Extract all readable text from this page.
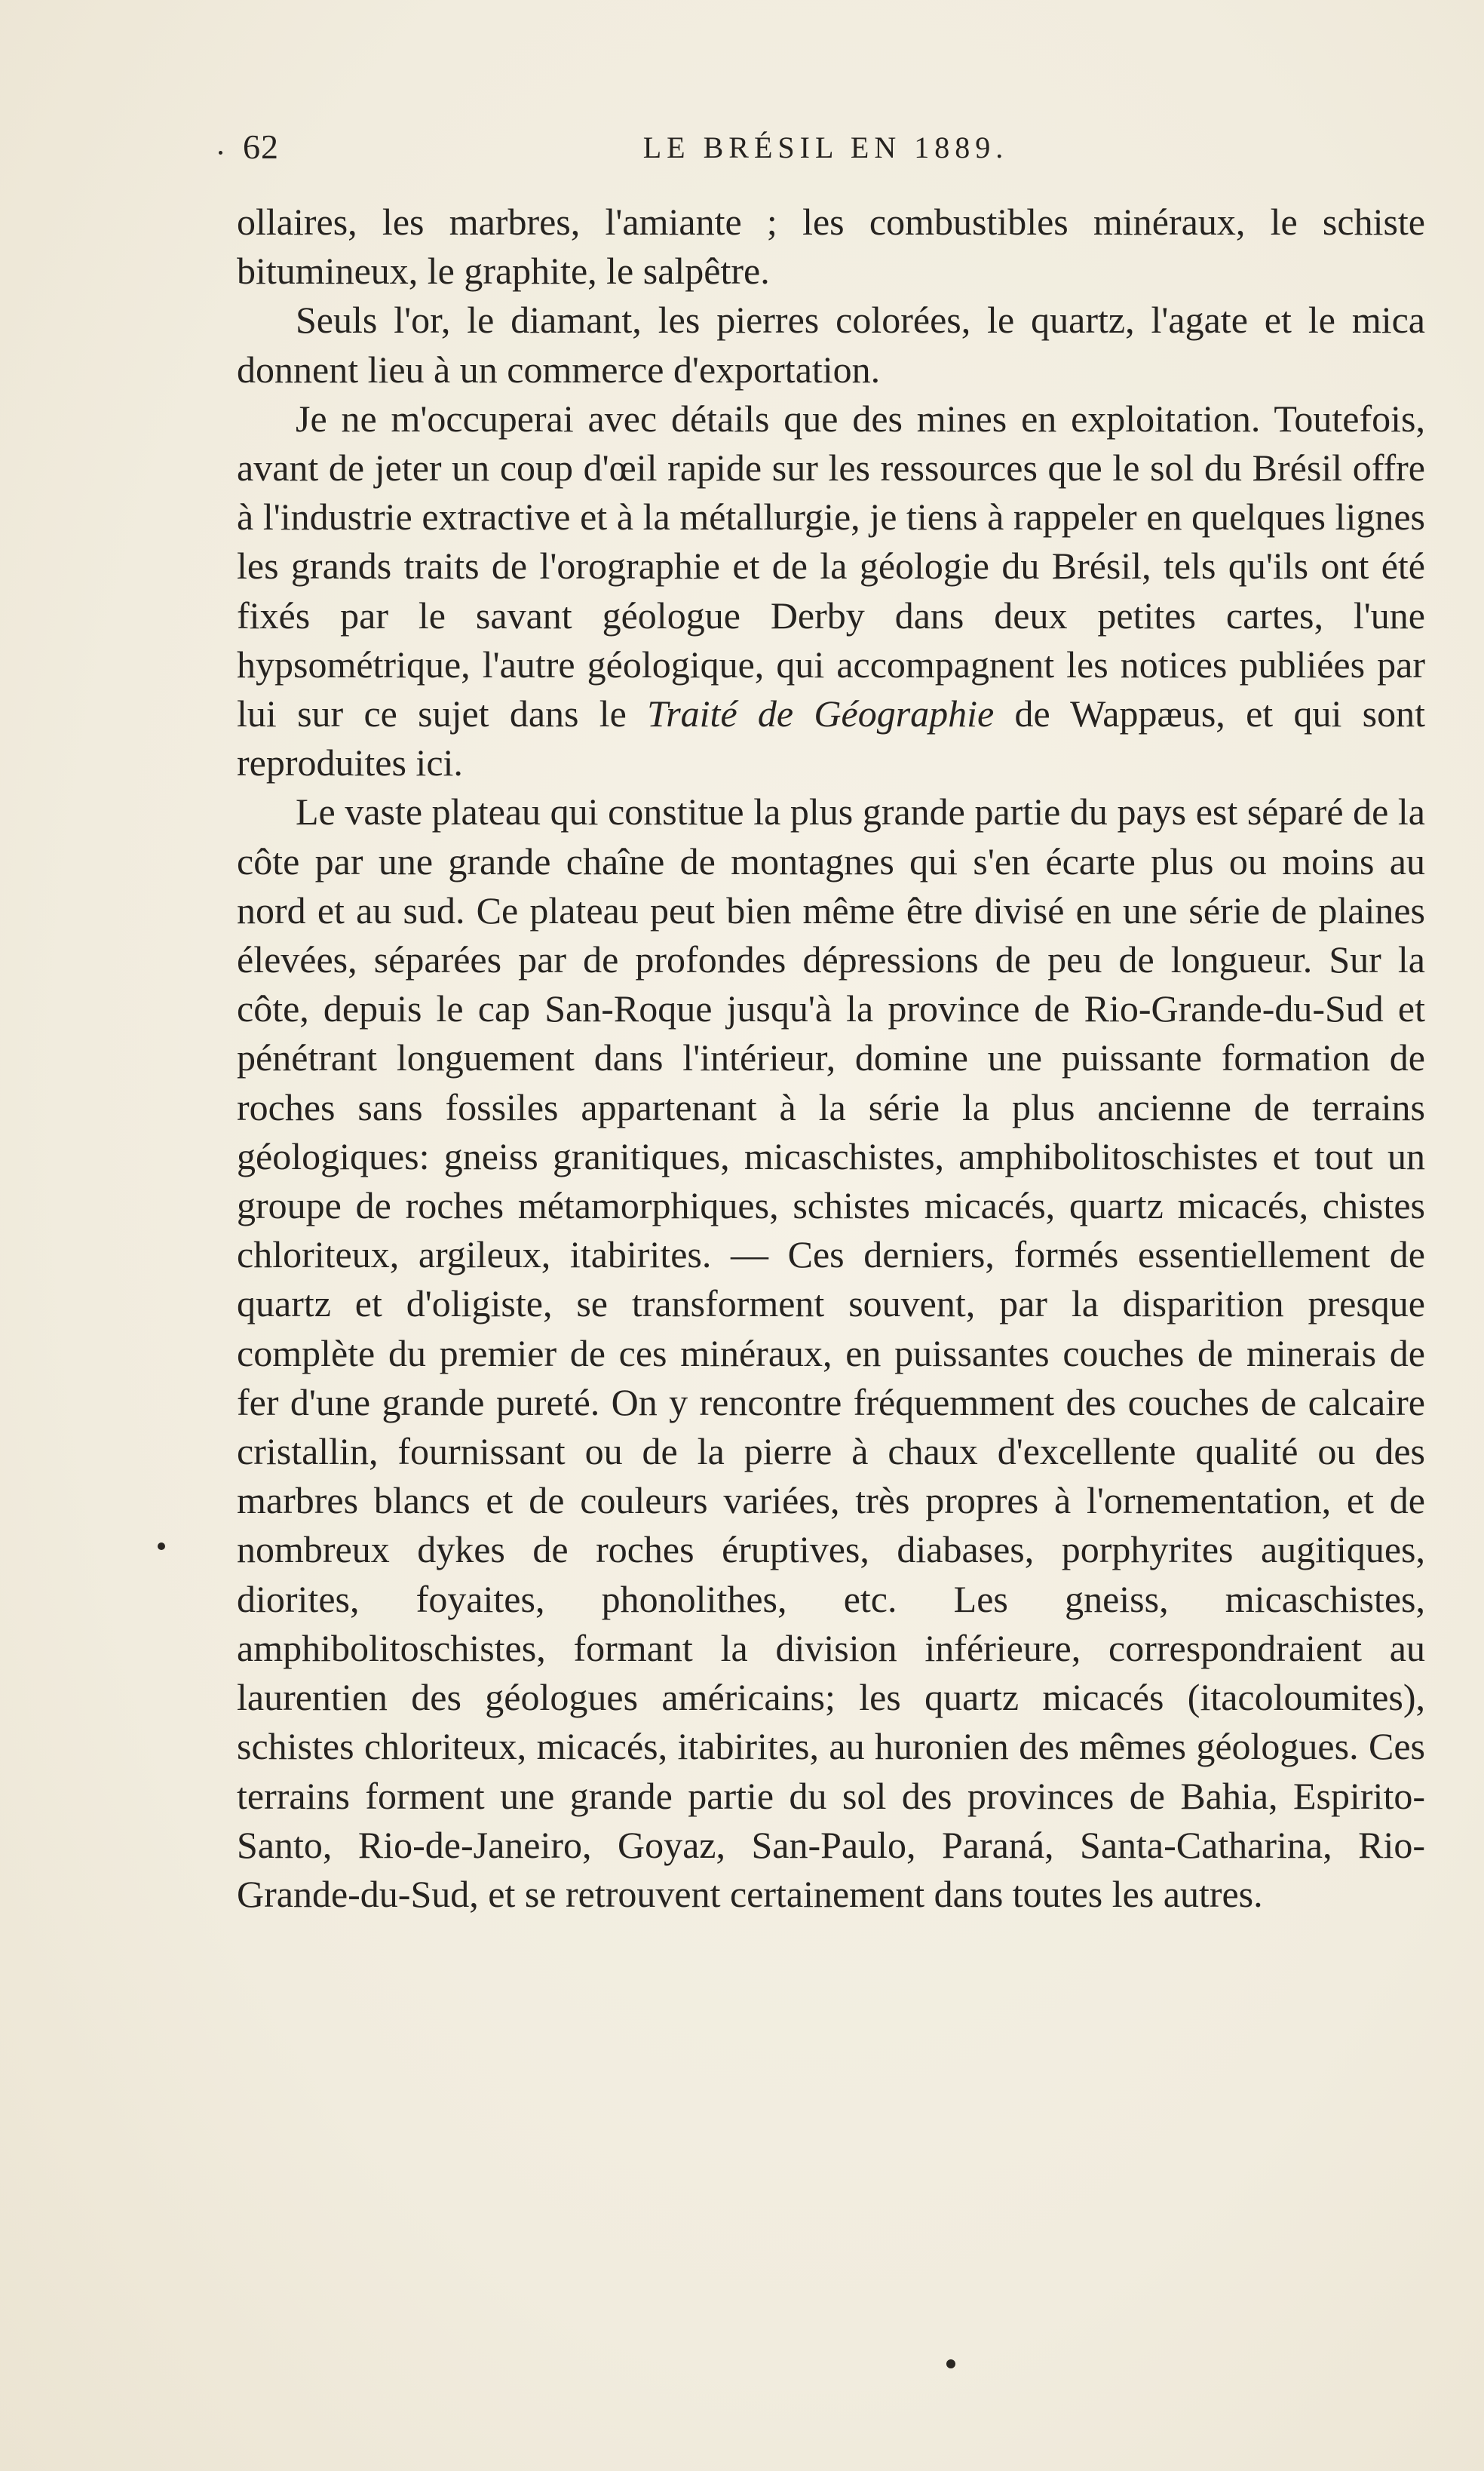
62	LE BRÉSIL EN 1889.

ollaires, les marbres, l'amiante ; les combustibles minéraux, le schiste bitumineux, le graphite, le salpêtre.

Seuls l'or, le diamant, les pierres colorées, le quartz, l'agate et le mica donnent lieu à un commerce d'exportation.

Je ne m'occuperai avec détails que des mines en exploitation. Toutefois, avant de jeter un coup d'œil rapide sur les ressources que le sol du Brésil offre à l'industrie extractive et à la métallurgie, je tiens à rappeler en quelques lignes les grands traits de l'orographie et de la géologie du Brésil, tels qu'ils ont été fixés par le savant géologue Derby dans deux petites cartes, l'une hypsométrique, l'autre géologique, qui accompagnent les notices publiées par lui sur ce sujet dans le Traité de Géographie de Wappæus, et qui sont reproduites ici.

Le vaste plateau qui constitue la plus grande partie du pays est séparé de la côte par une grande chaîne de montagnes qui s'en écarte plus ou moins au nord et au sud. Ce plateau peut bien même être divisé en une série de plaines élevées, séparées par de profondes dépressions de peu de longueur. Sur la côte, depuis le cap San-Roque jusqu'à la province de Rio-Grande-du-Sud et pénétrant longuement dans l'intérieur, domine une puissante formation de roches sans fossiles appartenant à la série la plus ancienne de terrains géologiques: gneiss granitiques, micaschistes, amphibolitoschistes et tout un groupe de roches métamorphiques, schistes micacés, quartz micacés, chistes chloriteux, argileux, itabirites. — Ces derniers, formés essentiellement de quartz et d'oligiste, se transforment souvent, par la disparition presque complète du premier de ces minéraux, en puissantes couches de minerais de fer d'une grande pureté. On y rencontre fréquemment des couches de calcaire cristallin, fournissant ou de la pierre à chaux d'excellente qualité ou des marbres blancs et de couleurs variées, très propres à l'ornementation, et de nombreux dykes de roches éruptives, diabases, porphyrites augitiques, diorites, foyaites, phonolithes, etc. Les gneiss, micaschistes, amphibolitoschistes, formant la division inférieure, correspondraient au laurentien des géologues américains; les quartz micacés (itacoloumites), schistes chloriteux, micacés, itabirites, au huronien des mêmes géologues. Ces terrains forment une grande partie du sol des provinces de Bahia, Espirito-Santo, Rio-de-Janeiro, Goyaz, San-Paulo, Paraná, Santa-Catharina, Rio-Grande-du-Sud, et se retrouvent certainement dans toutes les autres.
